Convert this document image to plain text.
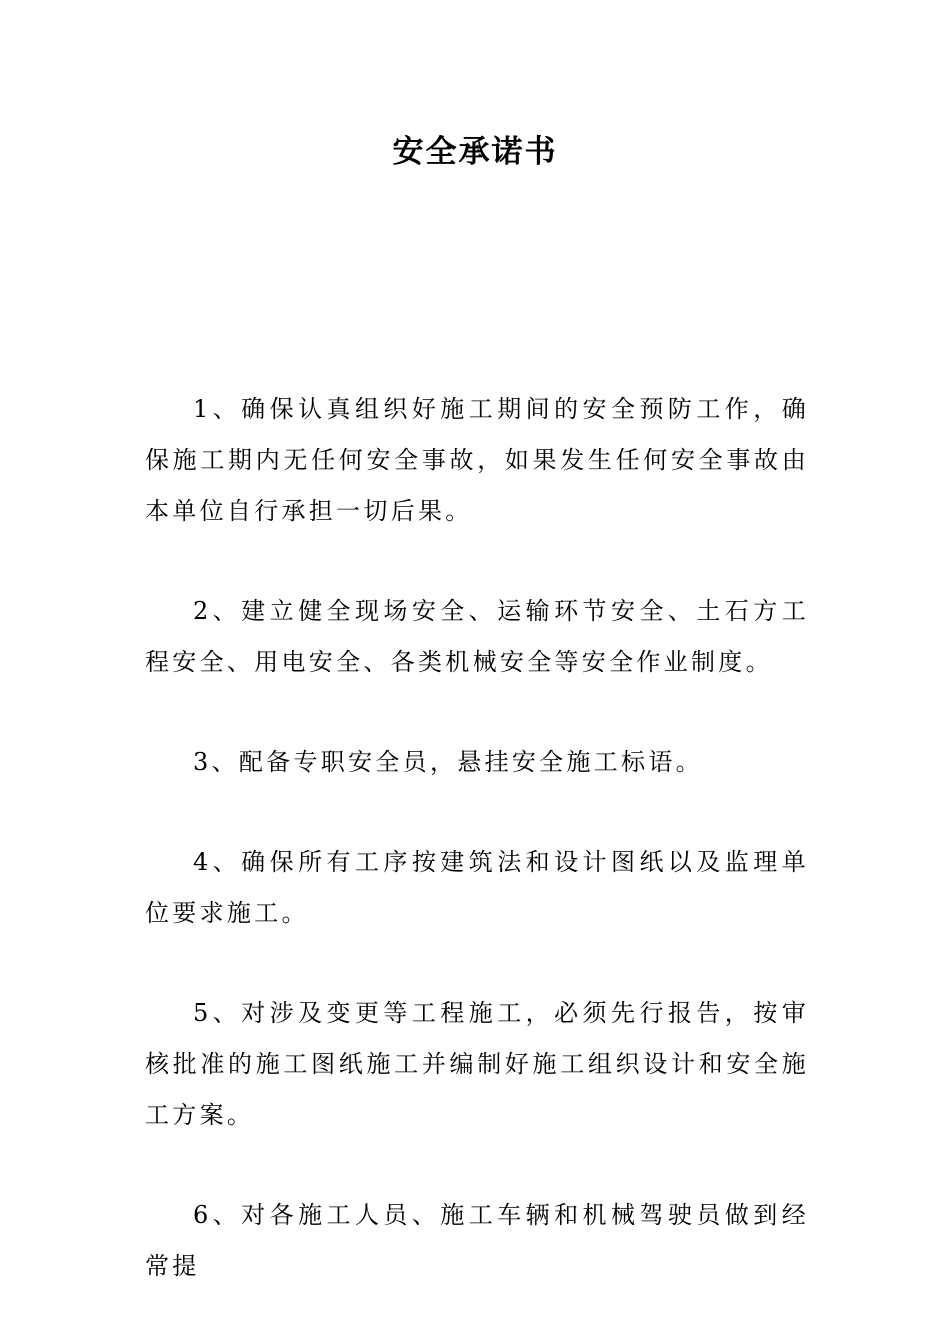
安全承诺书

1、确保认真组织好施工期间的安全预防工作，确保施工期内无任何安全事故，如果发生任何安全事故由本单位自行承担一切后果。

2、建立健全现场安全、运输环节安全、土石方工程安全、用电安全、各类机械安全等安全作业制度。

3、配备专职安全员，悬挂安全施工标语。

4、确保所有工序按建筑法和设计图纸以及监理单位要求施工。

5、对涉及变更等工程施工，必须先行报告，按审核批准的施工图纸施工并编制好施工组织设计和安全施工方案。

6、对各施工人员、施工车辆和机械驾驶员做到经常提
